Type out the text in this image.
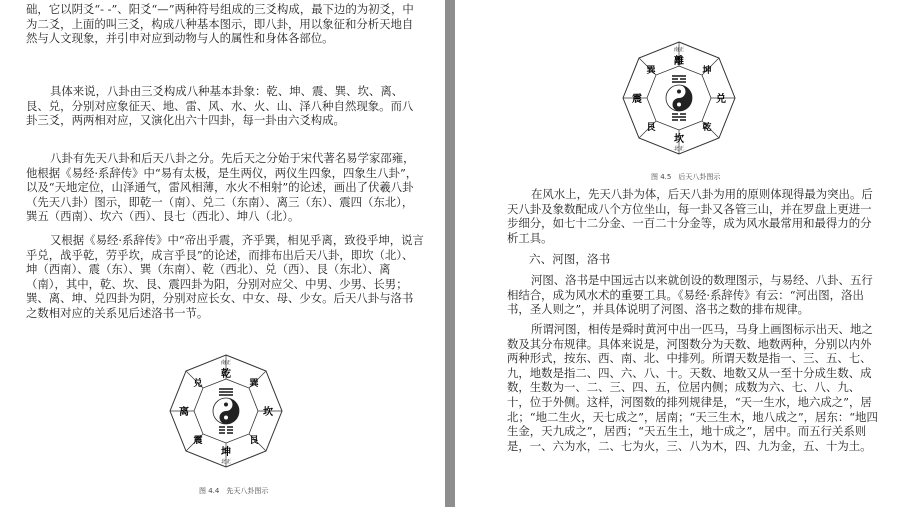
础，它以阴爻“- -”、阳爻“—”两种符号组成的三爻构成，最下边的为初爻，中为二爻，上面的叫三爻，构成八种基本图示，即八卦，用以象征和分析天地自然与人文现象，并引申对应到动物与人的属性和身体各部位。

具体来说，八卦由三爻构成八种基本卦象：乾、坤、震、巽、坎、离、艮、兑，分别对应象征天、地、雷、风、水、火、山、泽八种自然现象。而八卦三爻，两两相对应，又演化出六十四卦，每一卦由六爻构成。

八卦有先天八卦和后天八卦之分。先后天之分始于宋代著名易学家邵雍，他根据《易经·系辞传》中“易有太极，是生两仪，两仪生四象，四象生八卦”，以及“天地定位，山泽通气，雷风相薄，水火不相射”的论述，画出了伏羲八卦（先天八卦）图示，即乾一（南）、兑二（东南）、离三（东）、震四（东北），巽五（西南）、坎六（西）、艮七（西北）、坤八（北）。

又根据《易经·系辞传》中“帝出乎震，齐乎巽，相见乎离，致役乎坤，说言乎兑，战乎乾，劳乎坎，成言乎艮”的论述，而排布出后天八卦，即坎（北）、坤（西南）、震（东）、巽（东南）、乾（西北）、兑（西）、艮（东北）、离（南），其中，乾、坎、艮、震四卦为阳，分别对应父、中男、少男、长男；巽、离、坤、兑四卦为阴，分别对应长女、中女、母、少女。后天八卦与洛书之数相对应的关系见后述洛书一节。

乾
巽
坎
艮
坤
震
离
兑
南正
北正
图 4.4　先天八卦图示
離
坤
兑
乾
坎
艮
震
巽
南正
北正
图 4.5　后天八卦图示

在风水上，先天八卦为体，后天八卦为用的原则体现得最为突出。后天八卦及象数配成八个方位坐山，每一卦又各管三山，并在罗盘上更进一步细分，如七十二分金、一百二十分金等，成为风水最常用和最得力的分析工具。

六、河图，洛书

河图、洛书是中国远古以来就创设的数理图示，与易经、八卦、五行相结合，成为风水术的重要工具。《易经·系辞传》有云：“河出图，洛出书，圣人则之”，并具体说明了河图、洛书之数的排布规律。

所谓河图，相传是舜时黄河中出一匹马，马身上画图标示出天、地之数及其分布规律。具体来说是，河图数分为天数、地数两种，分别以内外两种形式，按东、西、南、北、中排列。所谓天数是指一、三、五、七、九，地数是指二、四、六、八、十。天数、地数又从一至十分成生数、成数，生数为一、二、三、四、五，位居内侧；成数为六、七、八、九、十，位于外侧。这样，河图数的排列规律是，“天一生水，地六成之”，居北；“地二生火，天七成之”，居南；“天三生木，地八成之”，居东：“地四生金，天九成之”，居西；“天五生土，地十成之”，居中。而五行关系则是，一、六为水，二、七为火，三、八为木，四、九为金，五、十为土。
